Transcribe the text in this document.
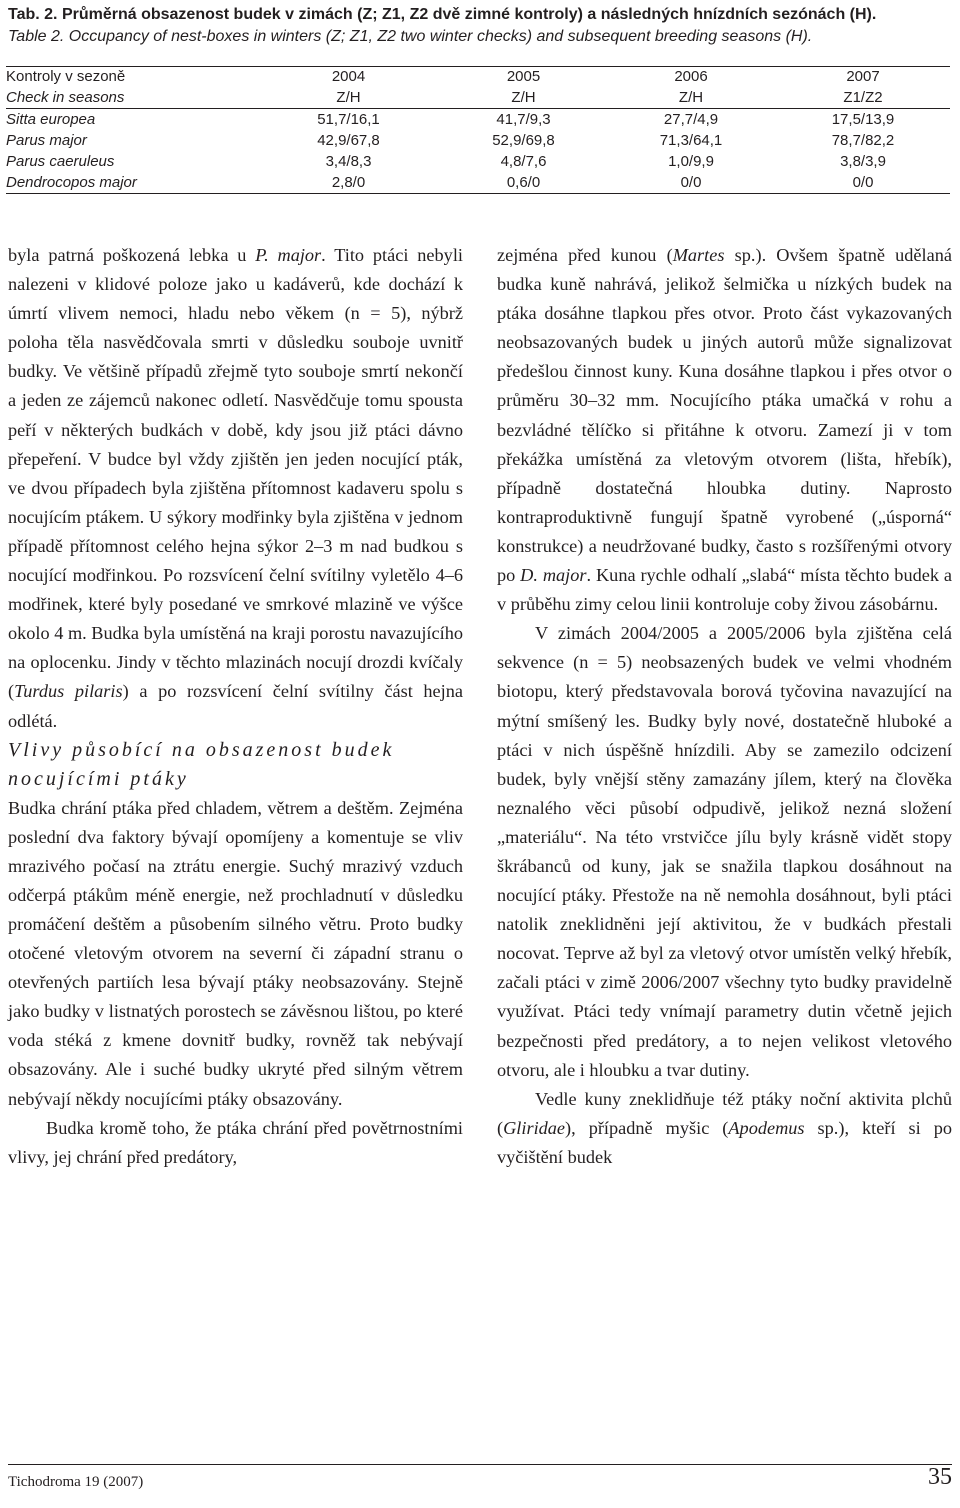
Tab. 2. Průměrná obsazenost budek v zimách (Z; Z1, Z2 dvě zimné kontroly) a následných hnízdních sezónách (H).
Table 2. Occupancy of nest-boxes in winters (Z; Z1, Z2 two winter checks) and subsequent breeding seasons (H).
Kontroly v sezoně	2004	2005	2006	2007
Check in seasons	Z/H	Z/H	Z/H	Z1/Z2
Sitta europea	51,7/16,1	41,7/9,3	27,7/4,9	17,5/13,9
Parus major	42,9/67,8	52,9/69,8	71,3/64,1	78,7/82,2
Parus caeruleus	3,4/8,3	4,8/7,6	1,0/9,9	3,8/3,9
Dendrocopos major	2,8/0	0,6/0	0/0	0/0

byla patrná poškozená lebka u P. major. Tito ptáci nebyli nalezeni v klidové poloze jako u kadáverů, kde dochází k úmrtí vlivem nemoci, hladu nebo věkem (n = 5), nýbrž poloha těla nasvědčovala smrti v důsledku souboje uvnitř budky. Ve většině případů zřejmě tyto souboje smrtí nekončí a jeden ze zájemců nakonec odletí. Nasvědčuje tomu spousta peří v některých budkách v době, kdy jsou již ptáci dávno přepeření. V budce byl vždy zjištěn jen jeden nocující pták, ve dvou případech byla zjištěna přítomnost kadaveru spolu s nocujícím ptákem. U sýkory modřinky byla zjištěna v jednom případě přítomnost celého hejna sýkor 2–3 m nad budkou s nocující modřinkou. Po rozsvícení čelní svítilny vyletělo 4–6 modřinek, které byly posedané ve smrkové mlazině ve výšce okolo 4 m. Budka byla umístěná na kraji porostu navazujícího na oplocenku. Jindy v těchto mlazinách nocují drozdi kvíčaly (Turdus pilaris) a po rozsvícení čelní svítilny část hejna odlétá.

Vlivy působící na obsazenost budek nocujícími ptáky

Budka chrání ptáka před chladem, větrem a deštěm. Zejména poslední dva faktory bývají opomíjeny a komentuje se vliv mrazivého počasí na ztrátu energie. Suchý mrazivý vzduch odčerpá ptákům méně energie, než prochladnutí v důsledku promáčení deštěm a působením silného větru. Proto budky otočené vletovým otvorem na severní či západní stranu o otevřených partiích lesa bývají ptáky neobsazovány. Stejně jako budky v listnatých porostech se závěsnou lištou, po které voda stéká z kmene dovnitř budky, rovněž tak nebývají obsazovány. Ale i suché budky ukryté před silným větrem nebývají někdy nocujícími ptáky obsazovány.

Budka kromě toho, že ptáka chrání před povětrnostními vlivy, jej chrání před predátory,

zejména před kunou (Martes sp.). Ovšem špatně udělaná budka kuně nahrává, jelikož šelmička u nízkých budek na ptáka dosáhne tlapkou přes otvor. Proto část vykazovaných neobsazovaných budek u jiných autorů může signalizovat předešlou činnost kuny. Kuna dosáhne tlapkou i přes otvor o průměru 30–32 mm. Nocujícího ptáka umačká v rohu a bezvládné tělíčko si přitáhne k otvoru. Zamezí ji v tom překážka umístěná za vletovým otvorem (lišta, hřebík), případně dostatečná hloubka dutiny. Naprosto kontraproduktivně fungují špatně vyrobené („úsporná“ konstrukce) a neudržované budky, často s rozšířenými otvory po D. major. Kuna rychle odhalí „slabá“ místa těchto budek a v průběhu zimy celou linii kontroluje coby živou zásobárnu.

V zimách 2004/2005 a 2005/2006 byla zjištěna celá sekvence (n = 5) neobsazených budek ve velmi vhodném biotopu, který představovala borová tyčovina navazující na mýtní smíšený les. Budky byly nové, dostatečně hluboké a ptáci v nich úspěšně hnízdili. Aby se zamezilo odcizení budek, byly vnější stěny zamazány jílem, který na člověka neznalého věci působí odpudivě, jelikož nezná složení „materiálu“. Na této vrstvičce jílu byly krásně vidět stopy škrábanců od kuny, jak se snažila tlapkou dosáhnout na nocující ptáky. Přestože na ně nemohla dosáhnout, byli ptáci natolik zneklidněni její aktivitou, že v budkách přestali nocovat. Teprve až byl za vletový otvor umístěn velký hřebík, začali ptáci v zimě 2006/2007 všechny tyto budky pravidelně využívat. Ptáci tedy vnímají parametry dutin včetně jejich bezpečnosti před predátory, a to nejen velikost vletového otvoru, ale i hloubku a tvar dutiny.

Vedle kuny zneklidňuje též ptáky noční aktivita plchů (Gliridae), případně myšic (Apodemus sp.), kteří si po vyčištění budek

Tichodroma 19 (2007)	35
